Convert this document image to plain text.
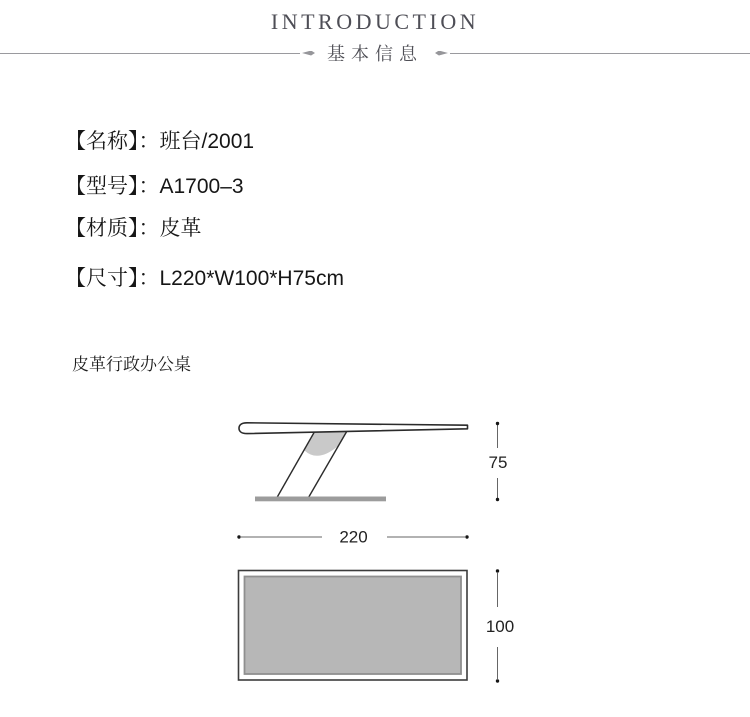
INTRODUCTION
基本信息
【名称】：班台/2001
【型号】：A1700–3
【材质】：皮革
【尺寸】：L220*W100*H75cm
皮革行政办公桌
75
220
100
